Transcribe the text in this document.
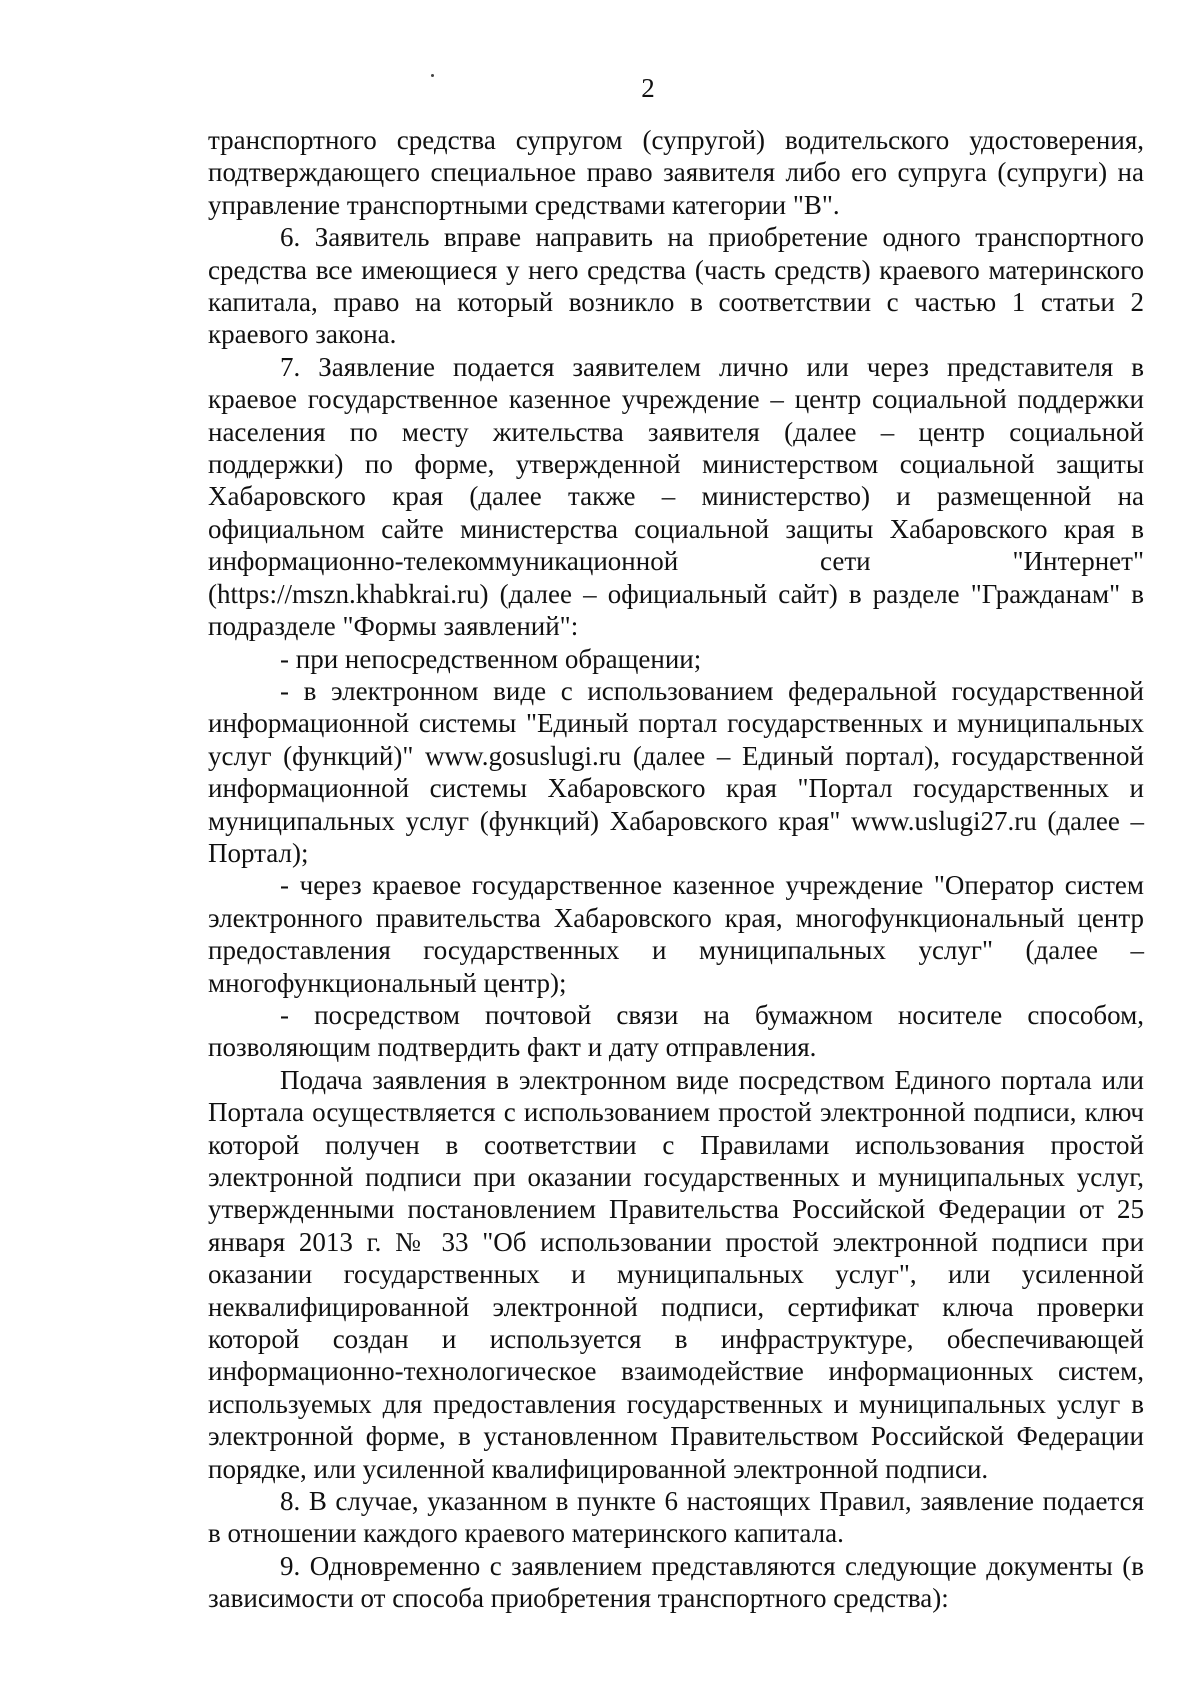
2

транспортного средства супругом (супругой) водительского удостоверения, подтверждающего специальное право заявителя либо его супруга (супруги) на управление транспортными средствами категории "B".

6. Заявитель вправе направить на приобретение одного транспортного средства все имеющиеся у него средства (часть средств) краевого материнского капитала, право на который возникло в соответствии с частью 1 статьи 2 краевого закона.

7. Заявление подается заявителем лично или через представителя в краевое государственное казенное учреждение – центр социальной поддержки населения по месту жительства заявителя (далее – центр социальной поддержки) по форме, утвержденной министерством социальной защиты Хабаровского края (далее также – министерство) и размещенной на официальном сайте министерства социальной защиты Хабаровского края в информационно-телекоммуникационной сети "Интернет" (https://mszn.khabkrai.ru) (далее – официальный сайт) в разделе "Гражданам" в подразделе "Формы заявлений":

- при непосредственном обращении;

- в электронном виде с использованием федеральной государственной информационной системы "Единый портал государственных и муниципальных услуг (функций)" www.gosuslugi.ru (далее – Единый портал), государственной информационной системы Хабаровского края "Портал государственных и муниципальных услуг (функций) Хабаровского края" www.uslugi27.ru (далее – Портал);

- через краевое государственное казенное учреждение "Оператор систем электронного правительства Хабаровского края, многофункциональный центр предоставления государственных и муниципальных услуг" (далее – многофункциональный центр);

- посредством почтовой связи на бумажном носителе способом, позволяющим подтвердить факт и дату отправления.

Подача заявления в электронном виде посредством Единого портала или Портала осуществляется с использованием простой электронной подписи, ключ которой получен в соответствии с Правилами использования простой электронной подписи при оказании государственных и муниципальных услуг, утвержденными постановлением Правительства Российской Федерации от 25 января 2013 г. № 33 "Об использовании простой электронной подписи при оказании государственных и муниципальных услуг", или усиленной неквалифицированной электронной подписи, сертификат ключа проверки которой создан и используется в инфраструктуре, обеспечивающей информационно-технологическое взаимодействие информационных систем, используемых для предоставления государственных и муниципальных услуг в электронной форме, в установленном Правительством Российской Федерации порядке, или усиленной квалифицированной электронной подписи.

8. В случае, указанном в пункте 6 настоящих Правил, заявление подается в отношении каждого краевого материнского капитала.

9. Одновременно с заявлением представляются следующие документы (в зависимости от способа приобретения транспортного средства):
